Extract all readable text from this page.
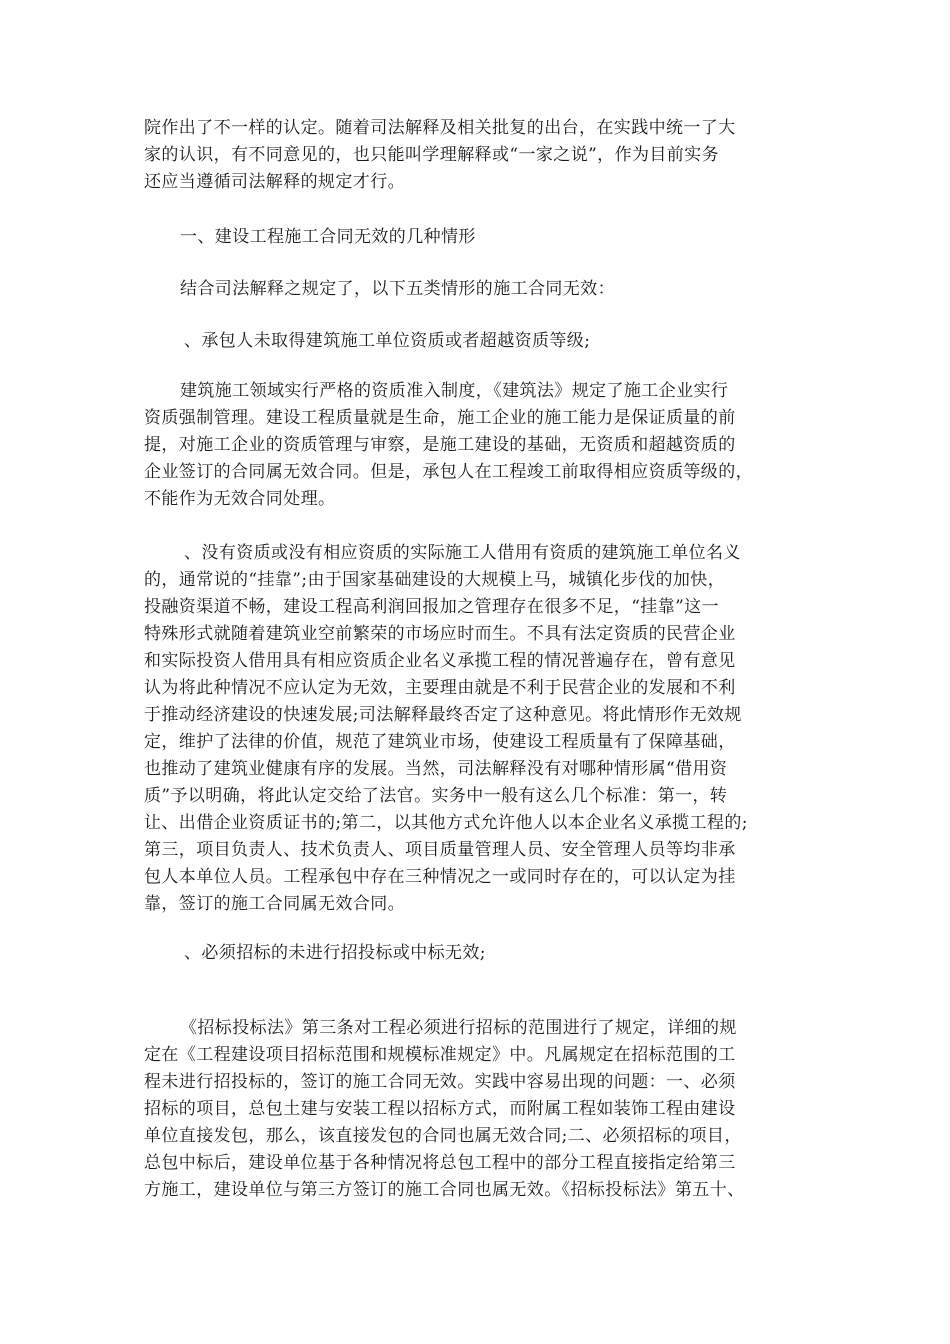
院作出了不一样的认定。随着司法解释及相关批复的出台，在实践中统一了大
家的认识，有不同意见的，也只能叫学理解释或“一家之说”，作为目前实务
还应当遵循司法解释的规定才行。
一、建设工程施工合同无效的几种情形
结合司法解释之规定了，以下五类情形的施工合同无效：
、承包人未取得建筑施工单位资质或者超越资质等级;
建筑施工领域实行严格的资质准入制度，《建筑法》规定了施工企业实行
资质强制管理。建设工程质量就是生命，施工企业的施工能力是保证质量的前
提，对施工企业的资质管理与审察，是施工建设的基础，无资质和超越资质的
企业签订的合同属无效合同。但是，承包人在工程竣工前取得相应资质等级的，
不能作为无效合同处理。
、没有资质或没有相应资质的实际施工人借用有资质的建筑施工单位名义
的，通常说的“挂靠”;由于国家基础建设的大规模上马，城镇化步伐的加快，
投融资渠道不畅，建设工程高利润回报加之管理存在很多不足，“挂靠”这一
特殊形式就随着建筑业空前繁荣的市场应时而生。不具有法定资质的民营企业
和实际投资人借用具有相应资质企业名义承揽工程的情况普遍存在，曾有意见
认为将此种情况不应认定为无效，主要理由就是不利于民营企业的发展和不利
于推动经济建设的快速发展;司法解释最终否定了这种意见。将此情形作无效规
定，维护了法律的价值，规范了建筑业市场，使建设工程质量有了保障基础，
也推动了建筑业健康有序的发展。当然，司法解释没有对哪种情形属“借用资
质”予以明确，将此认定交给了法官。实务中一般有这么几个标准：第一，转
让、出借企业资质证书的;第二，以其他方式允许他人以本企业名义承揽工程的;
第三，项目负责人、技术负责人、项目质量管理人员、安全管理人员等均非承
包人本单位人员。工程承包中存在三种情况之一或同时存在的，可以认定为挂
靠，签订的施工合同属无效合同。
、必须招标的未进行招投标或中标无效;
《招标投标法》第三条对工程必须进行招标的范围进行了规定，详细的规
定在《工程建设项目招标范围和规模标准规定》中。凡属规定在招标范围的工
程未进行招投标的，签订的施工合同无效。实践中容易出现的问题：一、必须
招标的项目，总包土建与安装工程以招标方式，而附属工程如装饰工程由建设
单位直接发包，那么，该直接发包的合同也属无效合同;二、必须招标的项目，
总包中标后，建设单位基于各种情况将总包工程中的部分工程直接指定给第三
方施工，建设单位与第三方签订的施工合同也属无效。《招标投标法》第五十、
